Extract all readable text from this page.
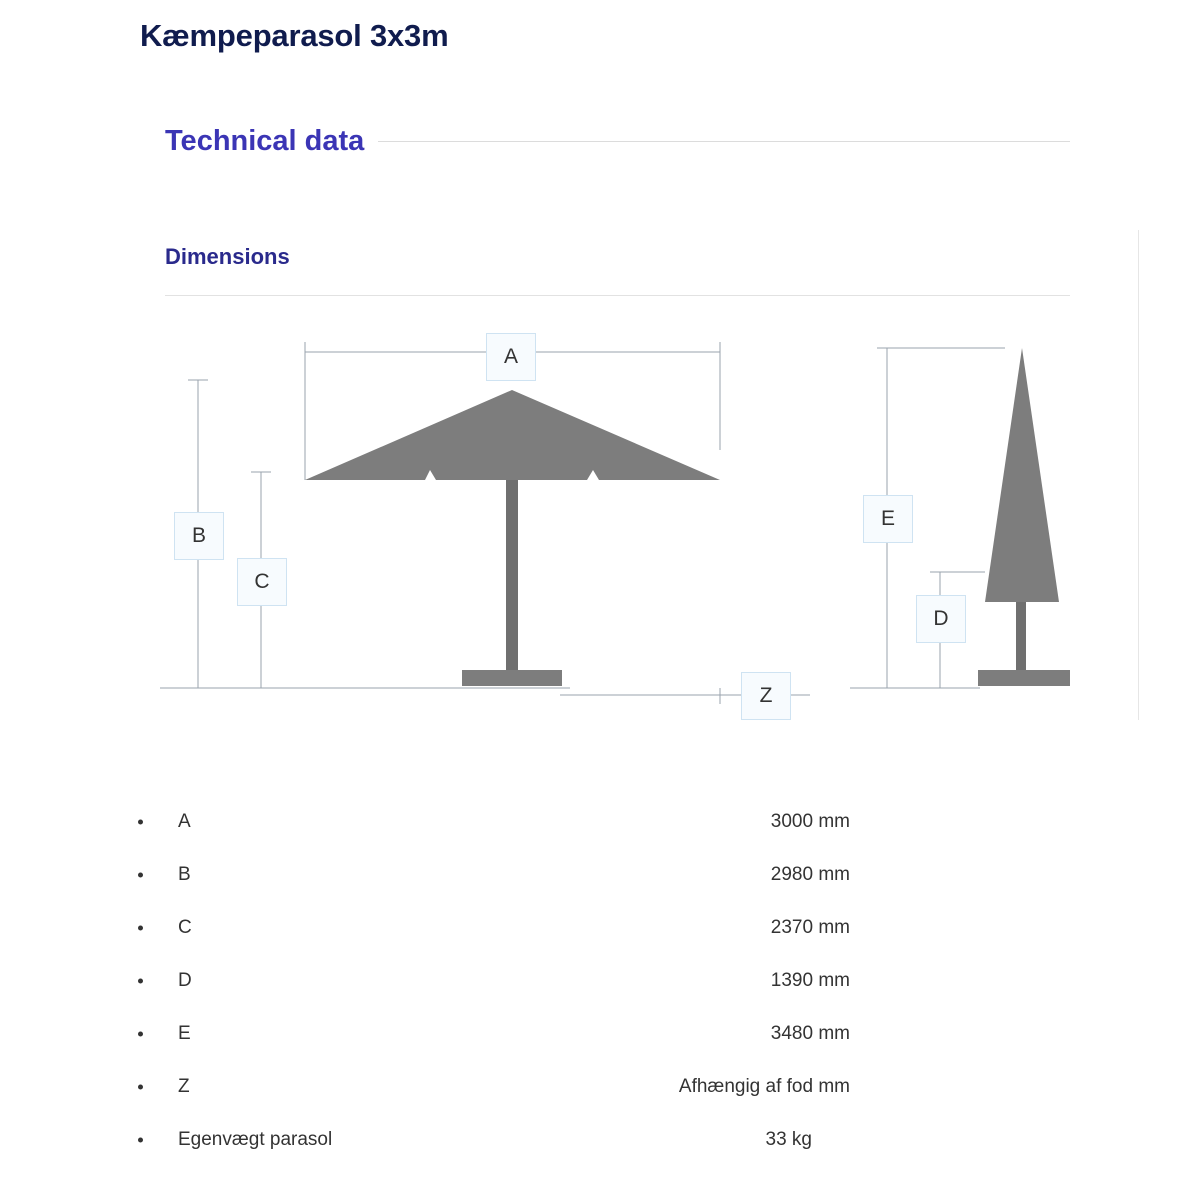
Kæmpeparasol 3x3m
Technical data
Dimensions
A
B
C
D
E
Z
A	3000 mm
B	2980 mm
C	2370 mm
D	1390 mm
E	3480 mm
Z	Afhængig af fod mm
Egenvægt parasol	33 kg
